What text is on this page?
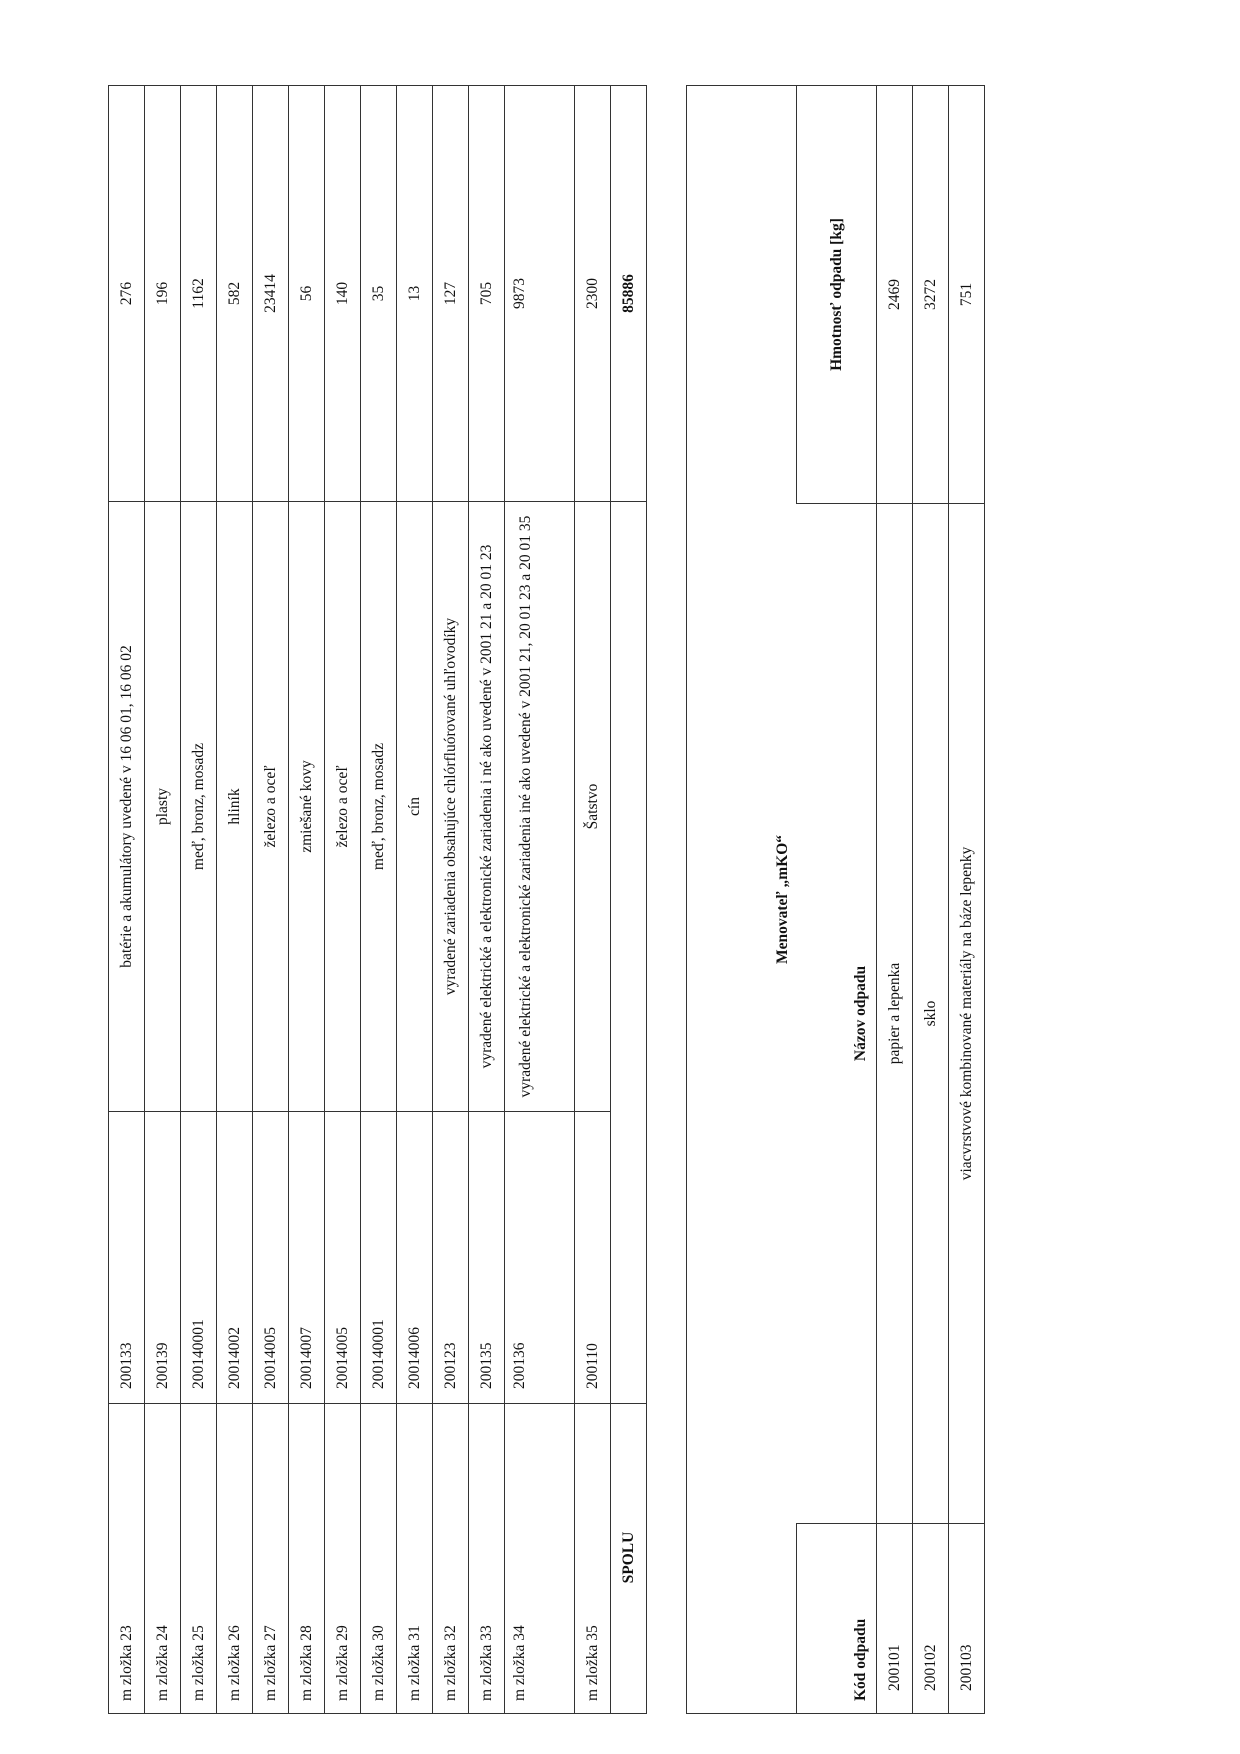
m zložka 23	200133	batérie a akumulátory uvedené v 16 06 01, 16 06 02	276
m zložka 24	200139	plasty	196
m zložka 25	200140001	meď, bronz, mosadz	1162
m zložka 26	20014002	hliník	582
m zložka 27	20014005	železo a oceľ	23414
m zložka 28	20014007	zmiešané kovy	56
m zložka 29	20014005	železo a oceľ	140
m zložka 30	200140001	meď, bronz, mosadz	35
m zložka 31	20014006	cín	13
m zložka 32	200123	vyradené zariadenia obsahujúce chlórfluórované uhľovodíky	127
m zložka 33	200135	vyradené elektrické a elektronické zariadenia i né ako uvedené v 2001 21 a 20 01 23	705
m zložka 34	200136	vyradené elektrické a elektronické zariadenia iné ako uvedené v 2001 21, 20 01 23 a 20 01 35	9873
m zložka 35	200110	Šatstvo	2300
SPOLU			85886
Menovateľ „mKO“		
Kód odpadu	Názov odpadu	Hmotnosť odpadu [kg]
200101	papier a lepenka	2469
200102	sklo	3272
200103	viacvrstvové kombinované materiály na báze lepenky	751
